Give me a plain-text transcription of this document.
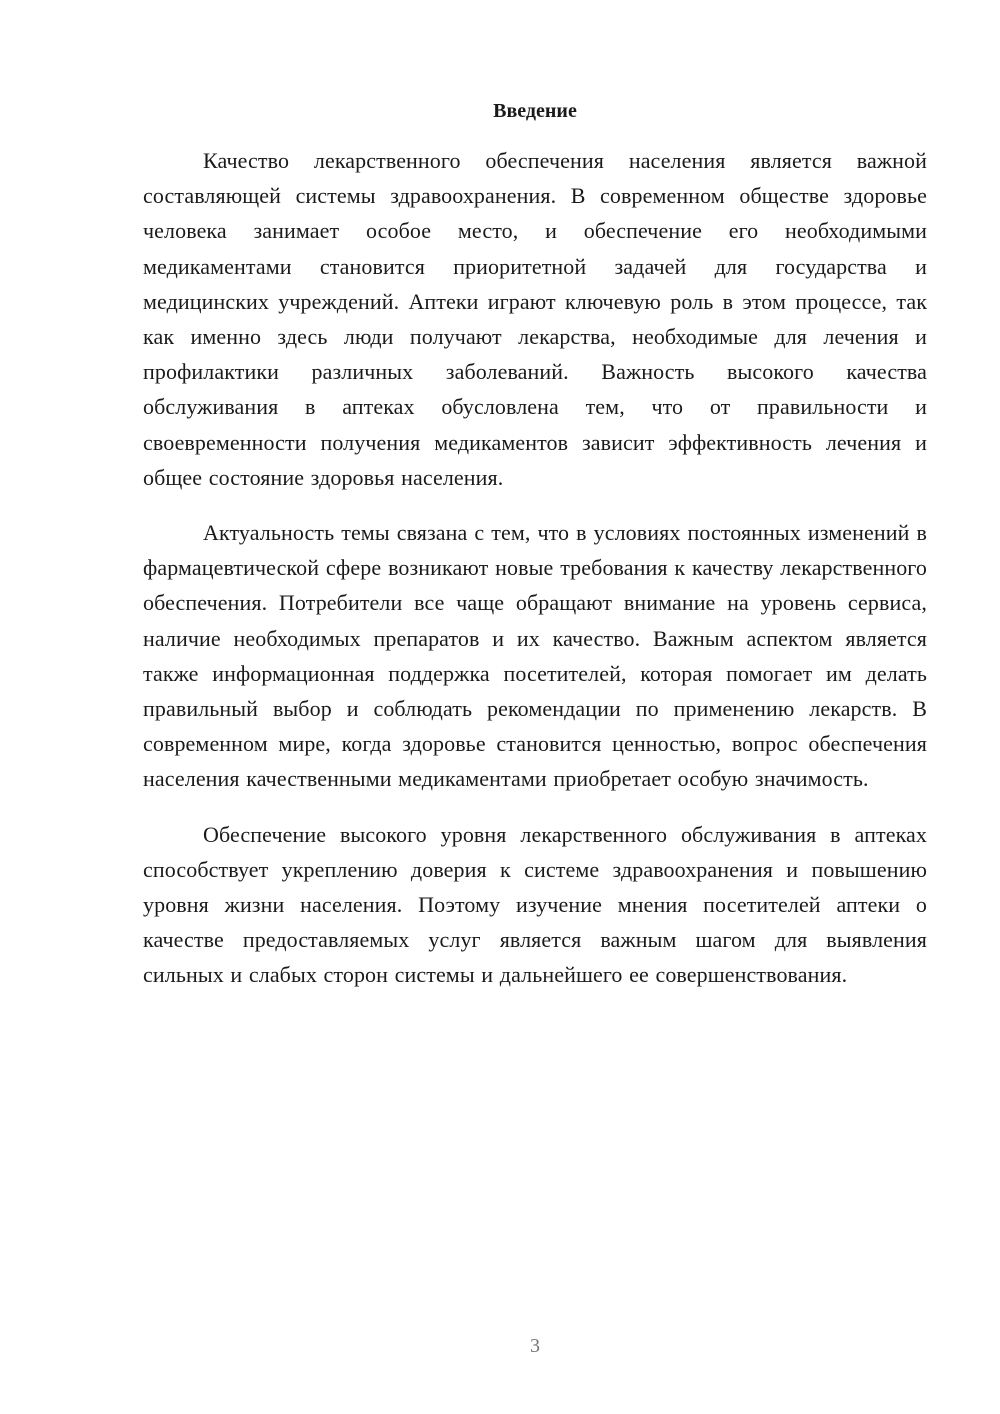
Введение

Качество лекарственного обеспечения населения является важной составляющей системы здравоохранения. В современном обществе здоровье человека занимает особое место, и обеспечение его необходимыми медикаментами становится приоритетной задачей для государства и медицинских учреждений. Аптеки играют ключевую роль в этом процессе, так как именно здесь люди получают лекарства, необходимые для лечения и профилактики различных заболеваний. Важность высокого качества обслуживания в аптеках обусловлена тем, что от правильности и своевременности получения медикаментов зависит эффективность лечения и общее состояние здоровья населения.

Актуальность темы связана с тем, что в условиях постоянных изменений в фармацевтической сфере возникают новые требования к качеству лекарственного обеспечения. Потребители все чаще обращают внимание на уровень сервиса, наличие необходимых препаратов и их качество. Важным аспектом является также информационная поддержка посетителей, которая помогает им делать правильный выбор и соблюдать рекомендации по применению лекарств. В современном мире, когда здоровье становится ценностью, вопрос обеспечения населения качественными медикаментами приобретает особую значимость.

Обеспечение высокого уровня лекарственного обслуживания в аптеках способствует укреплению доверия к системе здравоохранения и повышению уровня жизни населения. Поэтому изучение мнения посетителей аптеки о качестве предоставляемых услуг является важным шагом для выявления сильных и слабых сторон системы и дальнейшего ее совершенствования.

3
